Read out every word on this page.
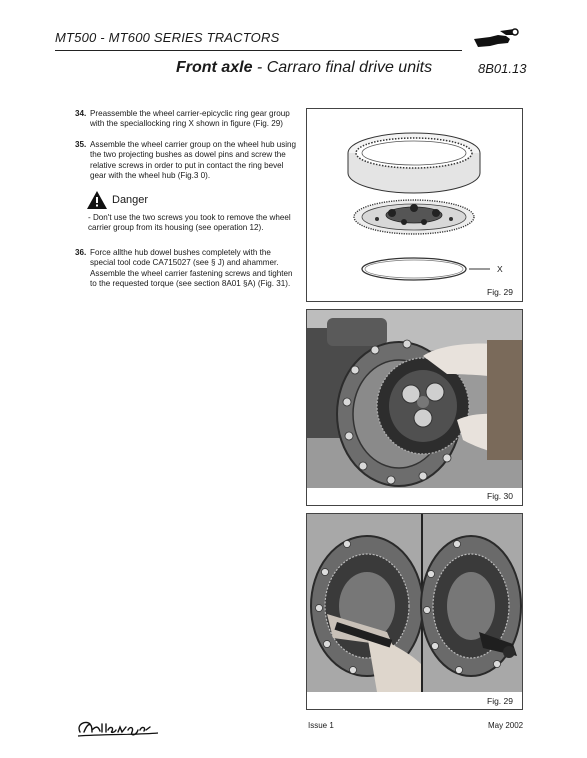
MT500 - MT600 SERIES TRACTORS
Front axle - Carraro final drive units	8B01.13
34. Preassemble the wheel carrier-epicyclic ring gear group with the speciallocking ring X shown in figure (Fig. 29)
35. Assemble the wheel carrier group on the wheel hub using the two projecting bushes as dowel pins and screw the relative screws in order to put in contact the ring bevel gear with the wheel hub (Fig.3 0).
Danger
- Don't use the two screws you took to remove the wheel carrier group from its housing (see operation 12).
36. Force allthe hub dowel bushes completely with the special tool code CA715027 (see § J) and ahammer. Assemble the wheel carrier fastening screws and tighten to the requested torque (see section 8A01 §A) (Fig. 31).
X
Fig. 29
Fig. 30
Fig. 29
Issue 1	May 2002
